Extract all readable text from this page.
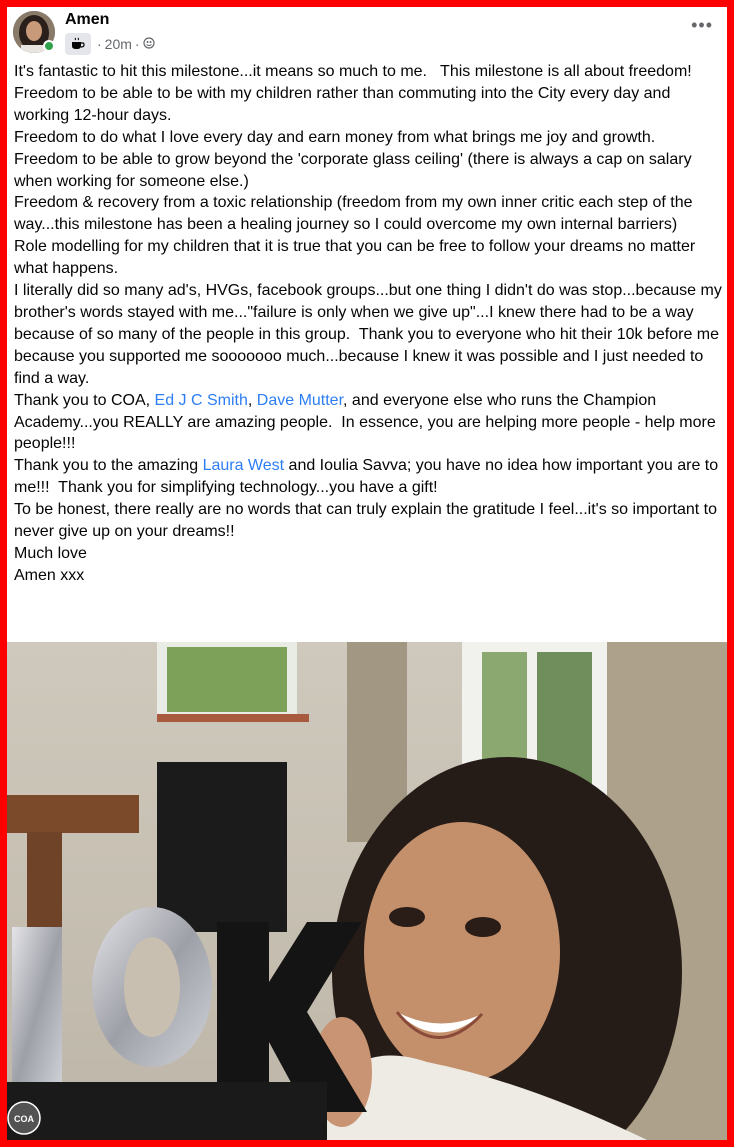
Amen
· 20m ·
•••
It's fantastic to hit this milestone...it means so much to me.   This milestone is all about freedom!
Freedom to be able to be with my children rather than commuting into the City every day and working 12-hour days.
Freedom to do what I love every day and earn money from what brings me joy and growth.
Freedom to be able to grow beyond the 'corporate glass ceiling' (there is always a cap on salary when working for someone else.)
Freedom & recovery from a toxic relationship (freedom from my own inner critic each step of the way...this milestone has been a healing journey so I could overcome my own internal barriers)
Role modelling for my children that it is true that you can be free to follow your dreams no matter what happens.
I literally did so many ad's, HVGs, facebook groups...but one thing I didn't do was stop...because my brother's words stayed with me..."failure is only when we give up"...I knew there had to be a way because of so many of the people in this group.  Thank you to everyone who hit their 10k before me because you supported me sooooooo much...because I knew it was possible and I just needed to find a way.
Thank you to COA, Ed J C Smith, Dave Mutter, and everyone else who runs the Champion Academy...you REALLY are amazing people.  In essence, you are helping more people - help more people!!!
Thank you to the amazing Laura West and Ioulia Savva; you have no idea how important you are to me!!!  Thank you for simplifying technology...you have a gift!
To be honest, there really are no words that can truly explain the gratitude I feel...it's so important to never give up on your dreams!!
Much love
Amen xxx
COA
